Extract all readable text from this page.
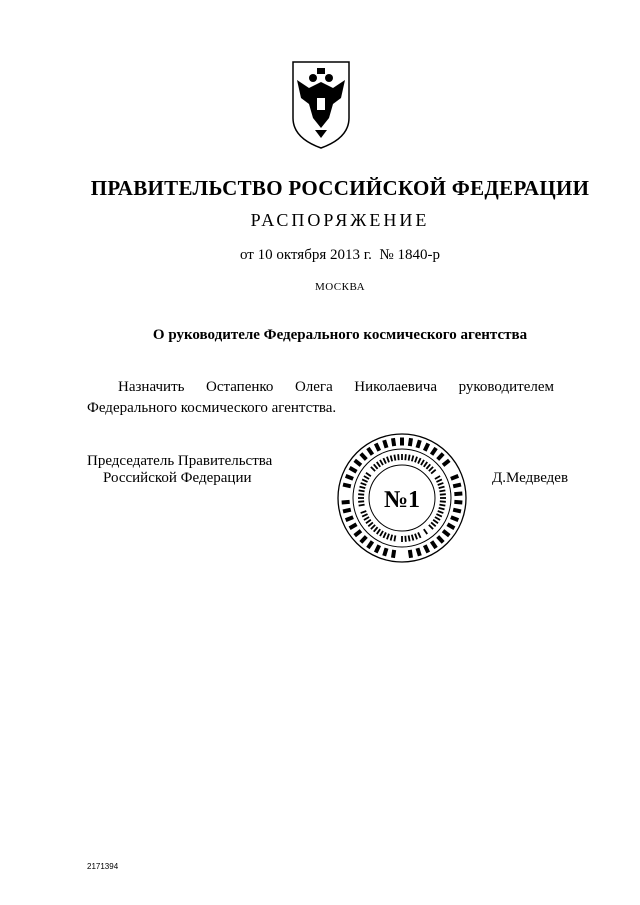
ПРАВИТЕЛЬСТВО РОССИЙСКОЙ ФЕДЕРАЦИИ
РАСПОРЯЖЕНИЕ
от 10 октября 2013 г.  № 1840-р
МОСКВА
О руководителе Федерального космического агентства
Назначить Остапенко Олега Николаевича руководителем Федерального космического агентства.
Председатель Правительства
Российской Федерации	Д.Медведев
№1
2171394
